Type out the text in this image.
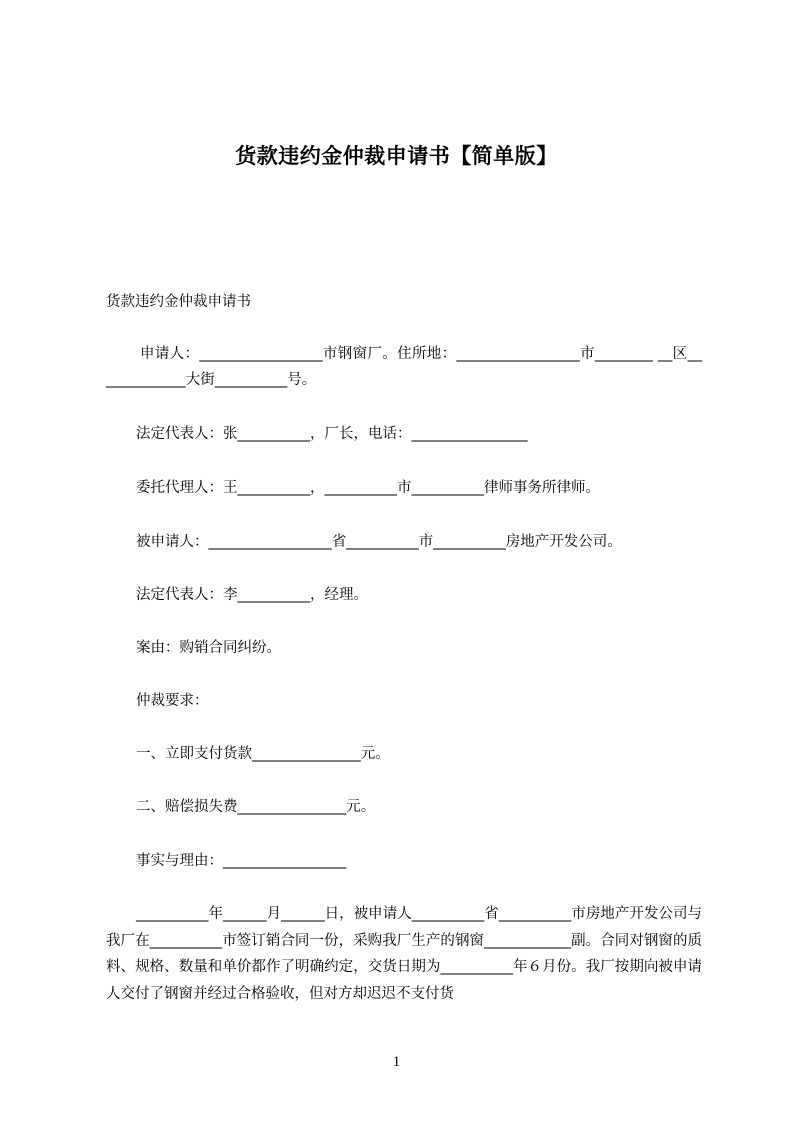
货款违约金仲裁申请书【简单版】

货款违约金仲裁申请书

申请人：_________________市钢窗厂。住所地：_________________市________ __区_____________大街__________号。

法定代表人：张__________，厂长，电话：________________

委托代理人：王__________，__________市__________律师事务所律师。

被申请人：_________________省__________市__________房地产开发公司。

法定代表人：李__________，经理。

案由：购销合同纠纷。

仲裁要求：

一、立即支付货款_______________元。

二、赔偿损失费_______________元。

事实与理由：_________________

__________年______月______日，被申请人__________省__________市房地产开发公司与我厂在__________市签订销合同一份，采购我厂生产的钢窗____________副。合同对钢窗的质料、规格、数量和单价都作了明确约定，交货日期为__________年６月份。我厂按期向被申请人交付了钢窗并经过合格验收，但对方却迟迟不支付货

1
